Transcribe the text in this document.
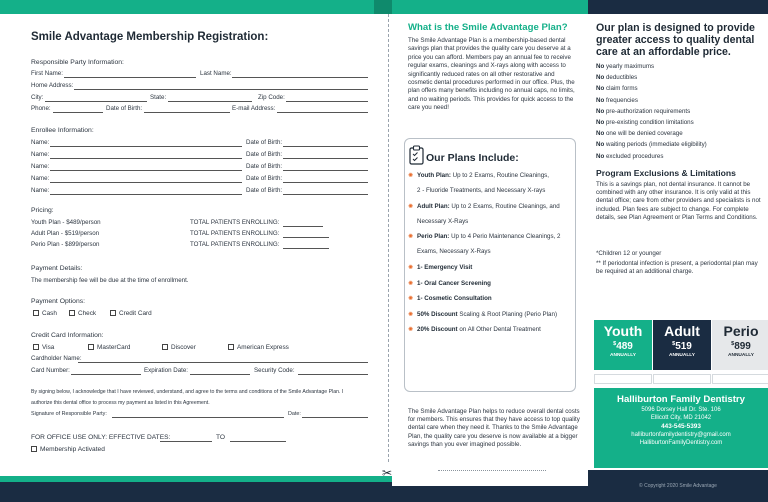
Smile Advantage Membership Registration:
Responsible Party Information:
First Name:	Last Name:
Home Address:
City:	State:	Zip Code:
Phone:	Date of Birth:	E-mail Address:
Enrollee Information:
Name:	Date of Birth:
Name:	Date of Birth:
Name:	Date of Birth:
Name:	Date of Birth:
Name:	Date of Birth:
Pricing:
Youth Plan - $489/person	TOTAL PATIENTS ENROLLING:
Adult Plan - $519/person	TOTAL PATIENTS ENROLLING:
Perio Plan - $899/person	TOTAL PATIENTS ENROLLING:
Payment Details:
The membership fee will be due at the time of enrollment.
Payment Options:
Cash	Check	Credit Card
Credit Card Information:
Visa	MasterCard	Discover	American Express
Cardholder Name:
Card Number:	Expiration Date:	Security Code:
By signing below, I acknowledge that I have reviewed, understand, and agree to the terms and conditions of the Smile Advantage Plan. I
authorize this dental office to process my payment as listed in this Agreement.
Signature of Responsible Party:	Date:
FOR OFFICE USE ONLY: EFFECTIVE DATES:	TO
Membership Activated
✂
What is the Smile Advantage Plan?
The Smile Advantage Plan is a membership-based dental savings plan that provides the quality care you deserve at a price you can afford. Members pay an annual fee to receive regular exams, cleanings and X-rays along with access to significantly reduced rates on all other restorative and cosmetic dental procedures performed in our office. Plus, the plan offers many benefits including no annual caps, no limits, and no waiting periods. This provides for quick access to the care you need!
Our Plans Include:
✺ Youth Plan: Up to 2 Exams, Routine Cleanings,
2 - Fluoride Treatments, and Necessary X-rays
✺ Adult Plan: Up to 2 Exams, Routine Cleanings, and
Necessary X-Rays
✺ Perio Plan: Up to 4 Perio Maintenance Cleanings, 2
Exams, Necessary X-Rays
✺ 1- Emergency Visit
✺ 1- Oral Cancer Screening
✺ 1- Cosmetic Consultation
✺ 50% Discount Scaling & Root Planing (Perio Plan)
✺ 20% Discount on All Other Dental Treatment
The Smile Advantage Plan helps to reduce overall dental costs for members. This ensures that they have access to top quality dental care when they need it. Thanks to the Smile Advantage Plan, the quality care you deserve is now available at a bigger savings than you ever imagined possible.
Our plan is designed to provide greater access to quality dental care at an affordable price.
No yearly maximums
No deductibles
No claim forms
No frequencies
No pre-authorization requirements
No pre-existing condition limitations
No one will be denied coverage
No waiting periods (immediate eligibility)
No excluded procedures
Program Exclusions & Limitations
This is a savings plan, not dental insurance. It cannot be combined with any other insurance. It is only valid at this dental office; care from other providers and specialists is not included. Plan fees are subject to change. For complete details, see Plan Agreement or Plan Terms and Conditions.
*Children 12 or younger
** If periodontal infection is present, a periodontal plan may be required at an additional charge.
Youth
$489
ANNUALLY
Adult
$519
ANNUALLY
Perio
$899
ANNUALLY
Halliburton Family Dentistry
5096 Dorsey Hall Dr. Ste. 106
Ellicott City, MD 21042
443-545-5393
halliburtonfamilydentistry@gmail.com
HalliburtonFamilyDentistry.com
© Copyright 2020 Smile Advantage
